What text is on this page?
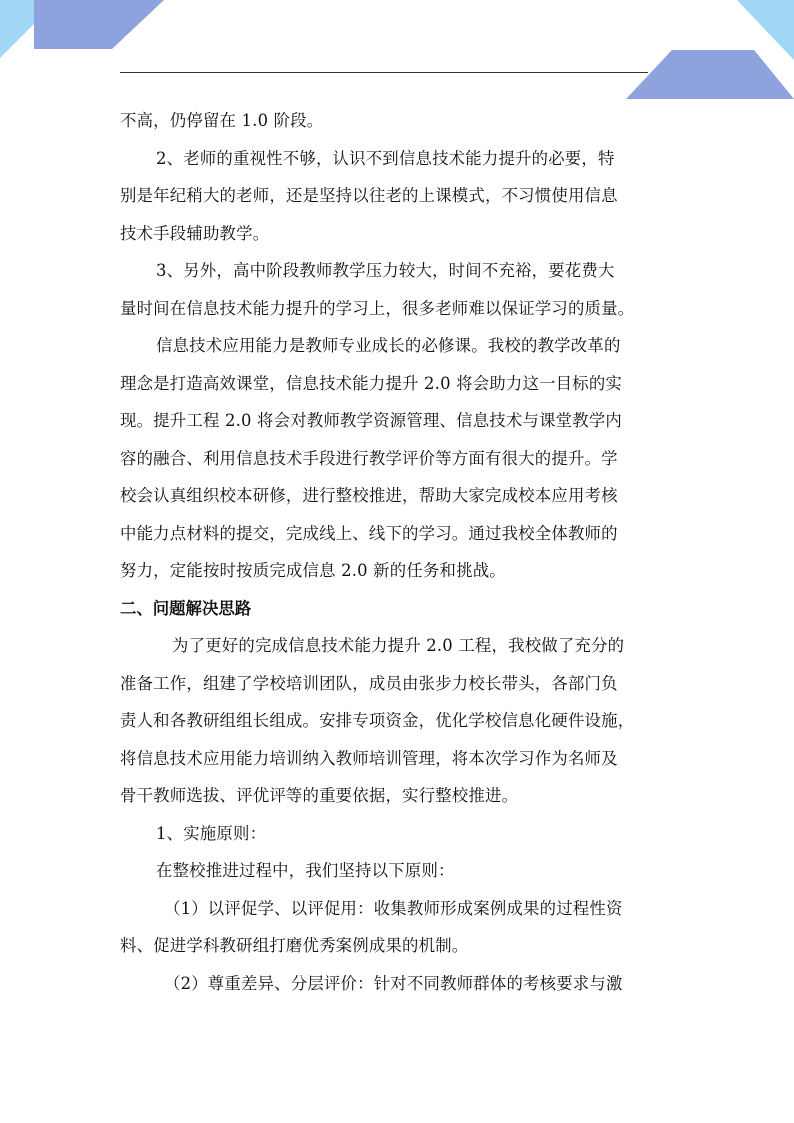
不高，仍停留在 1.0 阶段。

2、老师的重视性不够，认识不到信息技术能力提升的必要，特
别是年纪稍大的老师，还是坚持以往老的上课模式，不习惯使用信息
技术手段辅助教学。

3、另外，高中阶段教师教学压力较大，时间不充裕，要花费大
量时间在信息技术能力提升的学习上，很多老师难以保证学习的质量。

信息技术应用能力是教师专业成长的必修课。我校的教学改革的
理念是打造高效课堂，信息技术能力提升 2.0 将会助力这一目标的实
现。提升工程 2.0 将会对教师教学资源管理、信息技术与课堂教学内
容的融合、利用信息技术手段进行教学评价等方面有很大的提升。学
校会认真组织校本研修，进行整校推进，帮助大家完成校本应用考核
中能力点材料的提交，完成线上、线下的学习。通过我校全体教师的
努力，定能按时按质完成信息 2.0 新的任务和挑战。

二、问题解决思路

为了更好的完成信息技术能力提升 2.0 工程，我校做了充分的
准备工作，组建了学校培训团队，成员由张步力校长带头，各部门负
责人和各教研组组长组成。安排专项资金，优化学校信息化硬件设施，
将信息技术应用能力培训纳入教师培训管理，将本次学习作为名师及
骨干教师选拔、评优评等的重要依据，实行整校推进。

1、实施原则：

在整校推进过程中，我们坚持以下原则：

（1）以评促学、以评促用：收集教师形成案例成果的过程性资
料、促进学科教研组打磨优秀案例成果的机制。

（2）尊重差异、分层评价：针对不同教师群体的考核要求与激
